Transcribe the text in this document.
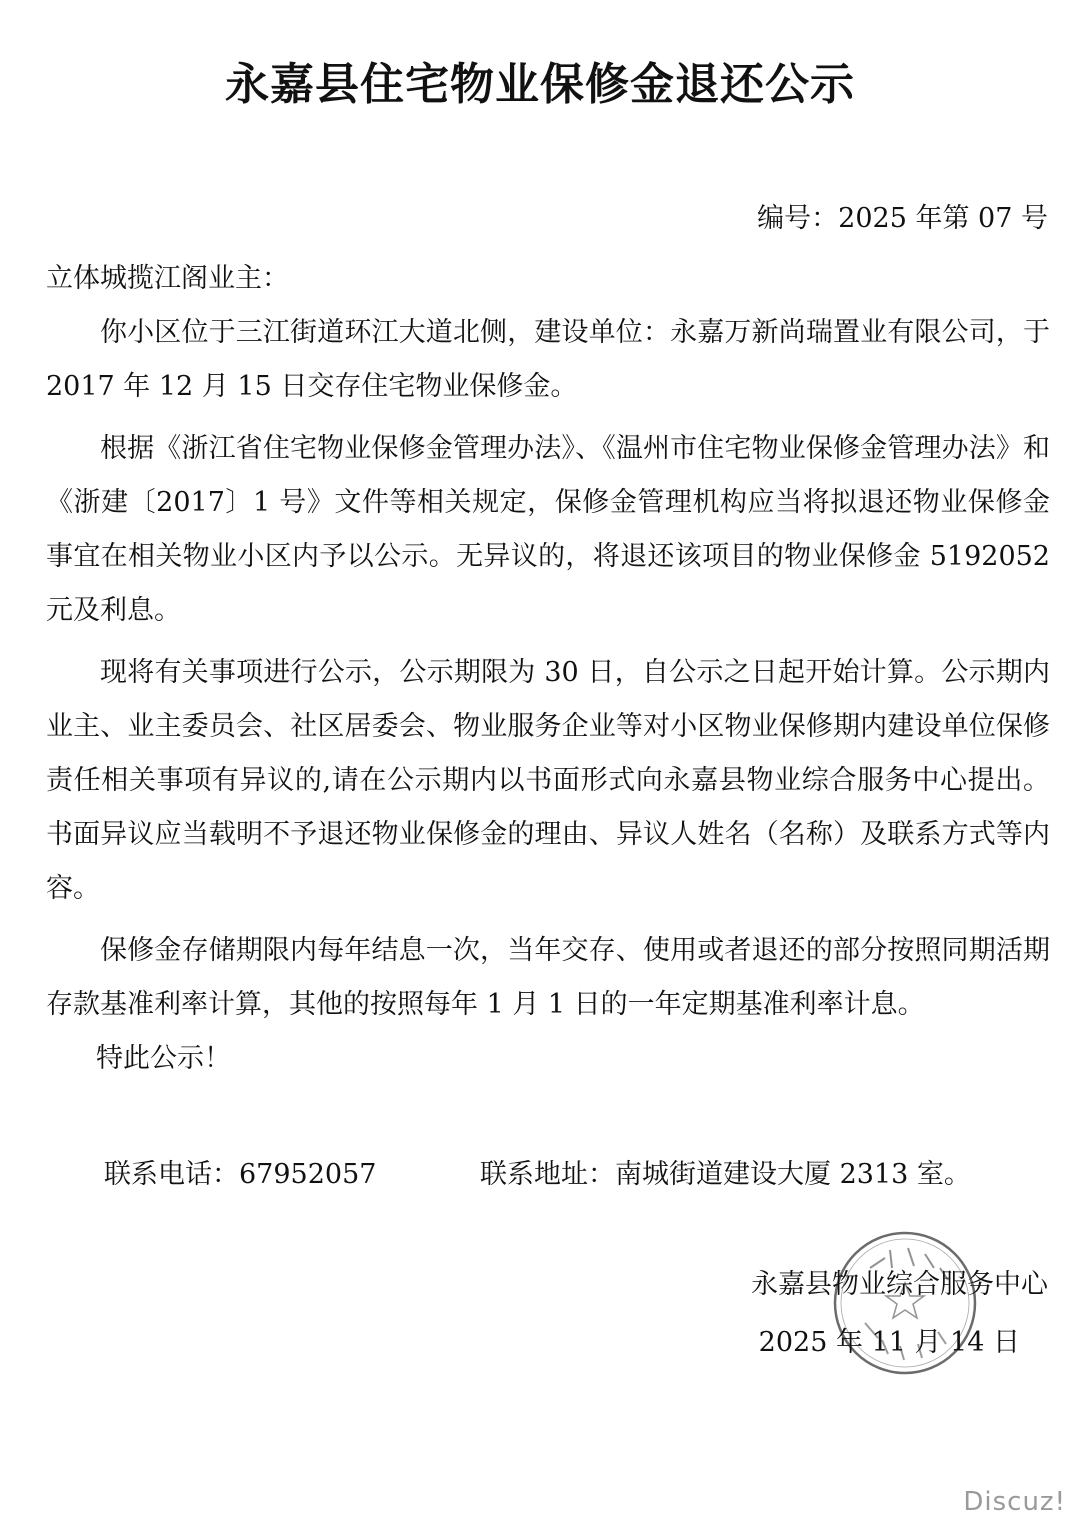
永嘉县住宅物业保修金退还公示
编号：2025 年第 07 号
立体城揽江阁业主：

你小区位于三江街道环江大道北侧，建设单位：永嘉万新尚瑞置业有限公司，于 2017 年 12 月 15 日交存住宅物业保修金。

根据《浙江省住宅物业保修金管理办法》、《温州市住宅物业保修金管理办法》和《浙建〔2017〕1 号》文件等相关规定，保修金管理机构应当将拟退还物业保修金事宜在相关物业小区内予以公示。无异议的，将退还该项目的物业保修金 5192052 元及利息。

现将有关事项进行公示，公示期限为 30 日，自公示之日起开始计算。公示期内业主、业主委员会、社区居委会、物业服务企业等对小区物业保修期内建设单位保修责任相关事项有异议的,请在公示期内以书面形式向永嘉县物业综合服务中心提出。书面异议应当载明不予退还物业保修金的理由、异议人姓名（名称）及联系方式等内容。

保修金存储期限内每年结息一次，当年交存、使用或者退还的部分按照同期活期存款基准利率计算，其他的按照每年 1 月 1 日的一年定期基准利率计息。

特此公示！
联系电话：67952057	联系地址：南城街道建设大厦 2313 室。
永嘉县物业综合服务中心
2025 年 11 月 14 日
Discuz!
